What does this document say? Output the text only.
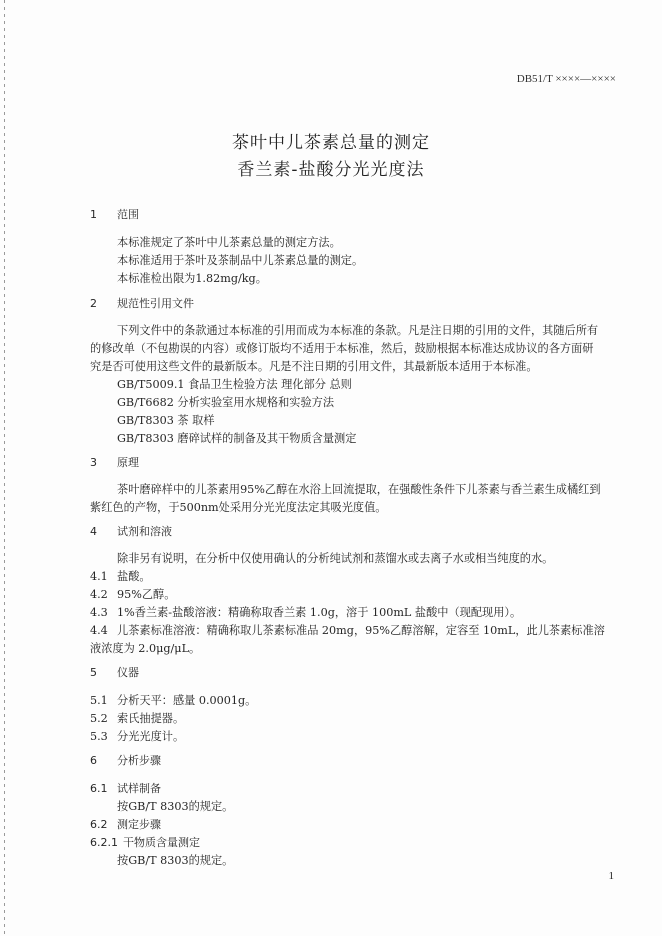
DB51/T ××××—××××
茶叶中儿茶素总量的测定
香兰素-盐酸分光光度法
1 范围
本标准规定了茶叶中儿茶素总量的测定方法。
本标准适用于茶叶及茶制品中儿茶素总量的测定。
本标准检出限为1.82mg/kg。
2 规范性引用文件
下列文件中的条款通过本标准的引用而成为本标准的条款。凡是注日期的引用的文件，其随后所有
的修改单（不包勘误的内容）或修订版均不适用于本标准，然后，鼓励根据本标准达成协议的各方面研
究是否可使用这些文件的最新版本。凡是不注日期的引用文件，其最新版本适用于本标准。
GB/T5009.1 食品卫生检验方法 理化部分 总则
GB/T6682 分析实验室用水规格和实验方法
GB/T8303 茶 取样
GB/T8303 磨碎试样的制备及其干物质含量测定
3 原理
茶叶磨碎样中的儿茶素用95%乙醇在水浴上回流提取，在强酸性条件下儿茶素与香兰素生成橘红到
紫红色的产物，于500nm处采用分光光度法定其吸光度值。
4 试剂和溶液
除非另有说明，在分析中仅使用确认的分析纯试剂和蒸馏水或去离子水或相当纯度的水。
4.1 盐酸。
4.2 95%乙醇。
4.3 1%香兰素-盐酸溶液：精确称取香兰素 1.0g，溶于 100mL 盐酸中（现配现用）。
4.4 儿茶素标准溶液：精确称取儿茶素标准品 20mg，95%乙醇溶解，定容至 10mL，此儿茶素标准溶
液浓度为 2.0μg/μL。
5 仪器
5.1 分析天平：感量 0.0001g。
5.2 索氏抽提器。
5.3 分光光度计。
6 分析步骤
6.1 试样制备
按GB/T 8303的规定。
6.2 测定步骤
6.2.1 干物质含量测定
按GB/T 8303的规定。
1
